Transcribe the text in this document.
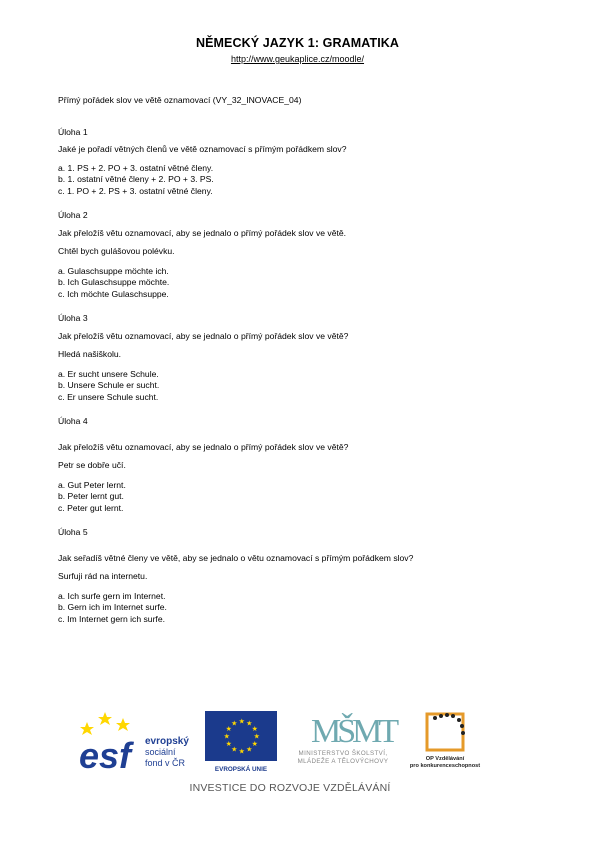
NĚMECKÝ JAZYK 1: GRAMATIKA
http://www.geukaplice.cz/moodle/

Přímý pořádek slov ve větě oznamovací (VY_32_INOVACE_04)

Úloha 1

Jaké je pořadí větných členů ve větě oznamovací s přímým pořádkem slov?

a. 1. PS + 2. PO + 3. ostatní větné členy.
b. 1. ostatní větné členy + 2. PO + 3. PS.
c. 1. PO + 2. PS + 3. ostatní větné členy.

Úloha 2

Jak přeložíš větu oznamovací, aby se jednalo o přímý pořádek slov ve větě.

Chtěl bych gulášovou polévku.

a. Gulaschsuppe möchte ich.
b. Ich Gulaschsuppe möchte.
c. Ich möchte Gulaschsuppe.

Úloha 3

Jak přeložíš větu oznamovací, aby se jednalo o přímý pořádek slov ve větě?

Hledá našiškolu.

a. Er sucht unsere Schule.
b. Unsere Schule er sucht.
c. Er unsere Schule sucht.

Úloha 4

Jak přeložíš větu oznamovací, aby se jednalo o přímý pořádek slov ve větě?

Petr se dobře učí.

a. Gut Peter lernt.
b. Peter lernt gut.
c. Peter gut lernt.

Úloha 5

Jak seřadíš větné členy ve větě, aby se jednalo o větu oznamovací s přímým pořádkem slov?

Surfuji rád na internetu.

a. Ich surfe gern im Internet.
b. Gern ich im Internet surfe.
c. Im Internet gern ich surfe.
esf	evropský
sociální
fond v ČR
★
★
★
★
★
★
★
★
★ ★ ★
★
EVROPSKÁ UNIE
MŠMT
MINISTERSTVO ŠKOLSTVÍ,
MLÁDEŽE A TĚLOVÝCHOVY	OP Vzdělávání
pro konkurenceschopnost
INVESTICE DO ROZVOJE VZDĚLÁVÁNÍ
